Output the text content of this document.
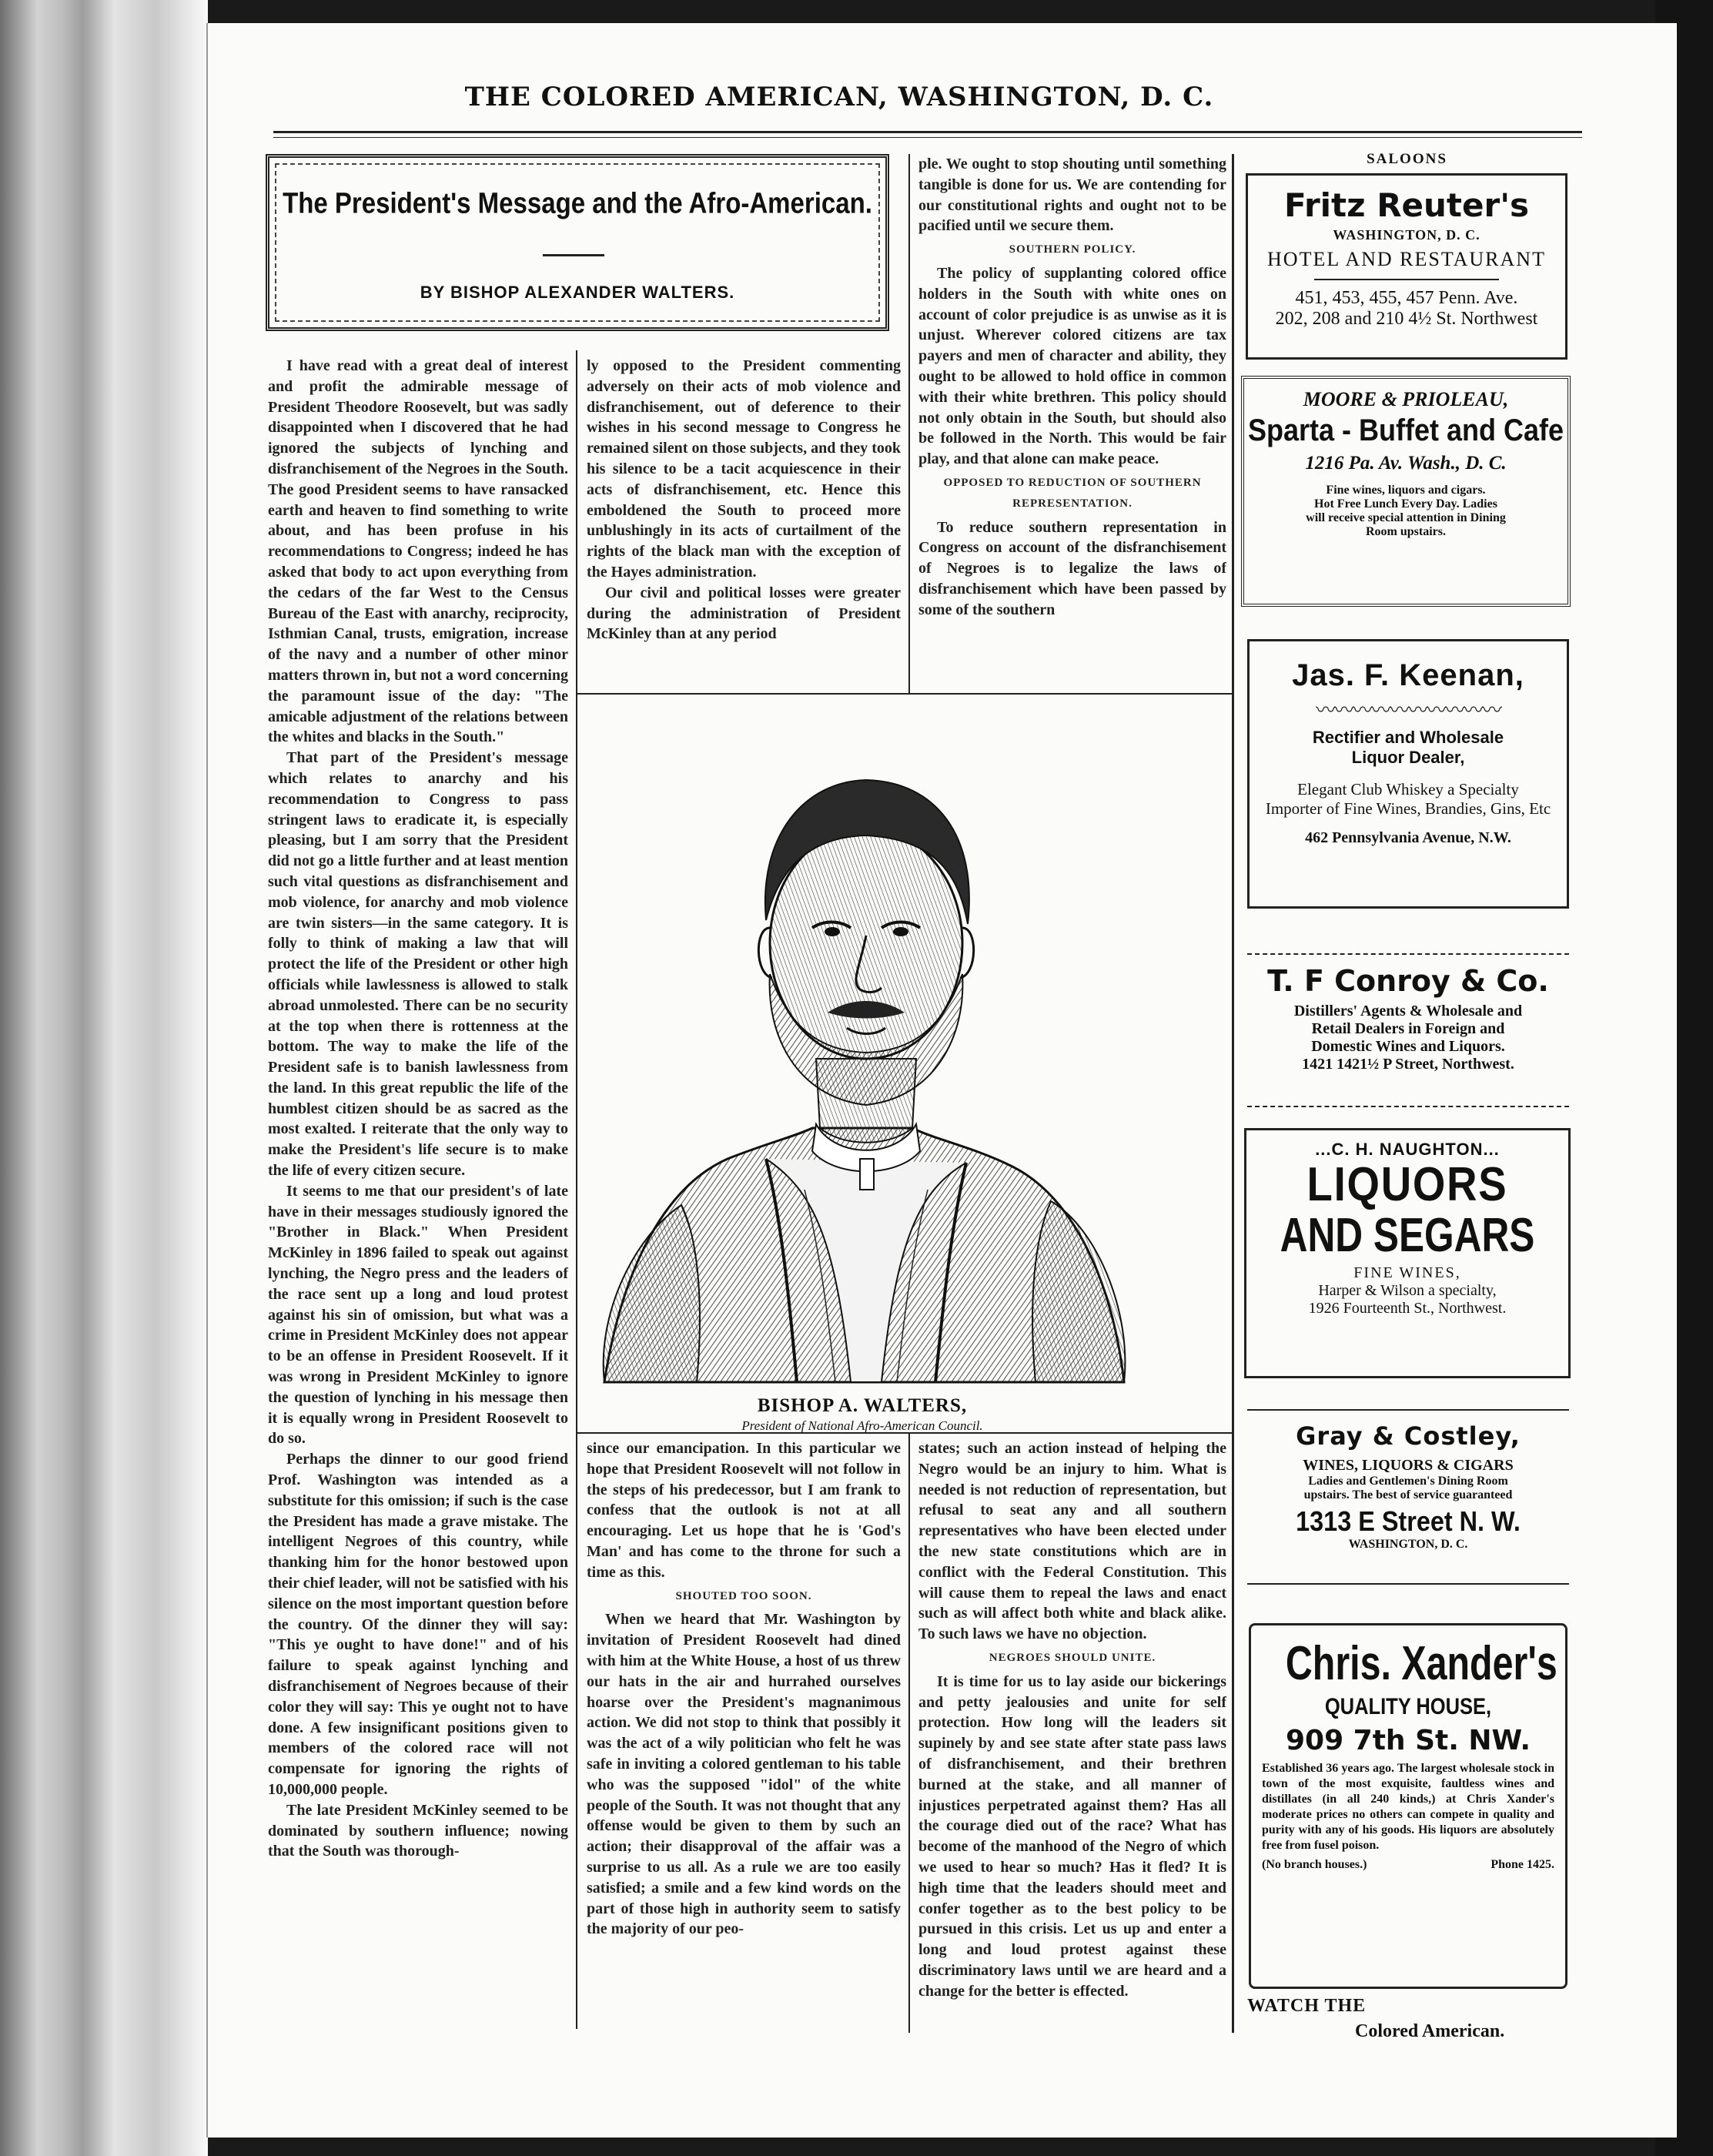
THE COLORED AMERICAN, WASHINGTON, D. C.
The President's Message and the Afro-American.
BY BISHOP ALEXANDER WALTERS.

I have read with a great deal of interest and profit the admirable message of President Theodore Roosevelt, but was sadly disappointed when I discovered that he had ignored the subjects of lynching and disfranchisement of the Negroes in the South. The good President seems to have ransacked earth and heaven to find something to write about, and has been profuse in his recommendations to Congress; indeed he has asked that body to act upon everything from the cedars of the far West to the Census Bureau of the East with anarchy, reciprocity, Isthmian Canal, trusts, emigration, increase of the navy and a number of other minor matters thrown in, but not a word concerning the paramount issue of the day: "The amicable adjustment of the relations between the whites and blacks in the South."

That part of the President's message which relates to anarchy and his recommendation to Congress to pass stringent laws to eradicate it, is especially pleasing, but I am sorry that the President did not go a little further and at least mention such vital questions as disfranchisement and mob violence, for anarchy and mob violence are twin sisters—in the same category. It is folly to think of making a law that will protect the life of the President or other high officials while lawlessness is allowed to stalk abroad unmolested. There can be no security at the top when there is rottenness at the bottom. The way to make the life of the President safe is to banish lawlessness from the land. In this great republic the life of the humblest citizen should be as sacred as the most exalted. I reiterate that the only way to make the President's life secure is to make the life of every citizen secure.

It seems to me that our president's of late have in their messages studiously ignored the "Brother in Black." When President McKinley in 1896 failed to speak out against lynching, the Negro press and the leaders of the race sent up a long and loud protest against his sin of omission, but what was a crime in President McKinley does not appear to be an offense in President Roosevelt. If it was wrong in President McKinley to ignore the question of lynching in his message then it is equally wrong in President Roosevelt to do so.

Perhaps the dinner to our good friend Prof. Washington was intended as a substitute for this omission; if such is the case the President has made a grave mistake. The intelligent Negroes of this country, while thanking him for the honor bestowed upon their chief leader, will not be satisfied with his silence on the most important question before the country. Of the dinner they will say: "This ye ought to have done!" and of his failure to speak against lynching and disfranchisement of Negroes because of their color they will say: This ye ought not to have done. A few insignificant positions given to members of the colored race will not compensate for ignoring the rights of 10,000,000 people.

The late President McKinley seemed to be dominated by southern influence; nowing that the South was thorough-

ly opposed to the President commenting adversely on their acts of mob violence and disfranchisement, out of deference to their wishes in his second message to Congress he remained silent on those subjects, and they took his silence to be a tacit acquiescence in their acts of disfranchisement, etc. Hence this emboldened the South to proceed more unblushingly in its acts of curtailment of the rights of the black man with the exception of the Hayes administration.

Our civil and political losses were greater during the administration of President McKinley than at any period

ple. We ought to stop shouting until something tangible is done for us. We are contending for our constitutional rights and ought not to be pacified until we secure them.

SOUTHERN POLICY.

The policy of supplanting colored office holders in the South with white ones on account of color prejudice is as unwise as it is unjust. Wherever colored citizens are tax payers and men of character and ability, they ought to be allowed to hold office in common with their white brethren. This policy should not only obtain in the South, but should also be followed in the North. This would be fair play, and that alone can make peace.

OPPOSED TO REDUCTION OF SOUTHERN REPRESENTATION.

To reduce southern representation in Congress on account of the disfranchisement of Negroes is to legalize the laws of disfranchisement which have been passed by some of the southern

BISHOP A. WALTERS,
President of National Afro-American Council.

since our emancipation. In this particular we hope that President Roosevelt will not follow in the steps of his predecessor, but I am frank to confess that the outlook is not at all encouraging. Let us hope that he is 'God's Man' and has come to the throne for such a time as this.

SHOUTED TOO SOON.

When we heard that Mr. Washington by invitation of President Roosevelt had dined with him at the White House, a host of us threw our hats in the air and hurrahed ourselves hoarse over the President's magnanimous action. We did not stop to think that possibly it was the act of a wily politician who felt he was safe in inviting a colored gentleman to his table who was the supposed "idol" of the white people of the South. It was not thought that any offense would be given to them by such an action; their disapproval of the affair was a surprise to us all. As a rule we are too easily satisfied; a smile and a few kind words on the part of those high in authority seem to satisfy the majority of our peo-

states; such an action instead of helping the Negro would be an injury to him. What is needed is not reduction of representation, but refusal to seat any and all southern representatives who have been elected under the new state constitutions which are in conflict with the Federal Constitution. This will cause them to repeal the laws and enact such as will affect both white and black alike. To such laws we have no objection.

NEGROES SHOULD UNITE.

It is time for us to lay aside our bickerings and petty jealousies and unite for self protection. How long will the leaders sit supinely by and see state after state pass laws of disfranchisement, and their brethren burned at the stake, and all manner of injustices perpetrated against them? Has all the courage died out of the race? What has become of the manhood of the Negro of which we used to hear so much? Has it fled? It is high time that the leaders should meet and confer together as to the best policy to be pursued in this crisis. Let us up and enter a long and loud protest against these discriminatory laws until we are heard and a change for the better is effected.

SALOONS
Fritz Reuter's
WASHINGTON, D. C.
HOTEL AND RESTAURANT
451, 453, 455, 457 Penn. Ave.
202, 208 and 210 4½ St. Northwest
MOORE & PRIOLEAU,
Sparta - Buffet and Cafe
1216 Pa. Av. Wash., D. C.
Fine wines, liquors and cigars.
Hot Free Lunch Every Day. Ladies
will receive special attention in Dining
Room upstairs.
Jas. F. Keenan,
〰〰〰〰〰〰〰〰〰〰
Rectifier and Wholesale
Liquor Dealer,
Elegant Club Whiskey a Specialty
Importer of Fine Wines, Brandies, Gins, Etc
462 Pennsylvania Avenue, N.W.
T. F Conroy & Co.
Distillers' Agents & Wholesale and
Retail Dealers in Foreign and
Domestic Wines and Liquors.
1421 1421½ P Street, Northwest.
...C. H. NAUGHTON...
LIQUORS
AND SEGARS
FINE WINES,
Harper & Wilson a specialty,
1926 Fourteenth St., Northwest.
Gray & Costley,
WINES, LIQUORS & CIGARS
Ladies and Gentlemen's Dining Room
upstairs. The best of service guaranteed
1313 E Street N. W.
WASHINGTON, D. C.
Chris. Xander's
QUALITY HOUSE,
909 7th St. NW.
Established 36 years ago. The largest wholesale stock in town of the most exquisite, faultless wines and distillates (in all 240 kinds,) at Chris Xander's moderate prices no others can compete in quality and purity with any of his goods. His liquors are absolutely free from fusel poison.
(No branch houses.)	Phone 1425.
WATCH THE
Colored American.
